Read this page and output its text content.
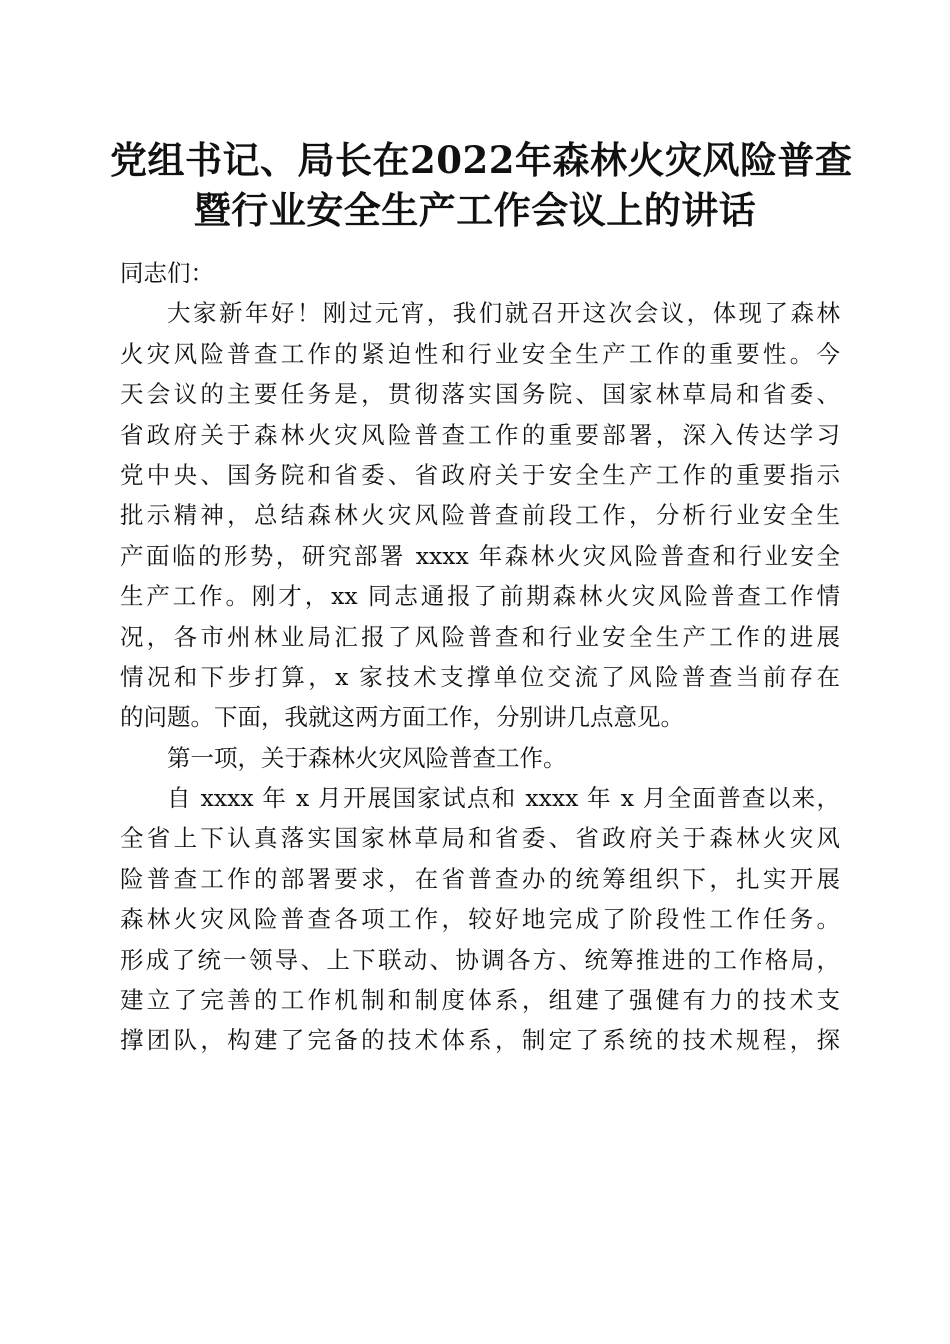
党组书记、局长在2022年森林火灾风险普查
暨行业安全生产工作会议上的讲话
同志们：
大家新年好！刚过元宵，我们就召开这次会议，体现了森林
火灾风险普查工作的紧迫性和行业安全生产工作的重要性。今
天会议的主要任务是，贯彻落实国务院、国家林草局和省委、
省政府关于森林火灾风险普查工作的重要部署，深入传达学习
党中央、国务院和省委、省政府关于安全生产工作的重要指示
批示精神，总结森林火灾风险普查前段工作，分析行业安全生
产面临的形势，研究部署 xxxx 年森林火灾风险普查和行业安全
生产工作。刚才，xx 同志通报了前期森林火灾风险普查工作情
况，各市州林业局汇报了风险普查和行业安全生产工作的进展
情况和下步打算，x 家技术支撑单位交流了风险普查当前存在
的问题。下面，我就这两方面工作，分别讲几点意见。
第一项，关于森林火灾风险普查工作。
自 xxxx 年 x 月开展国家试点和 xxxx 年 x 月全面普查以来，
全省上下认真落实国家林草局和省委、省政府关于森林火灾风
险普查工作的部署要求，在省普查办的统筹组织下，扎实开展
森林火灾风险普查各项工作，较好地完成了阶段性工作任务。
形成了统一领导、上下联动、协调各方、统筹推进的工作格局，
建立了完善的工作机制和制度体系，组建了强健有力的技术支
撑团队，构建了完备的技术体系，制定了系统的技术规程，探
